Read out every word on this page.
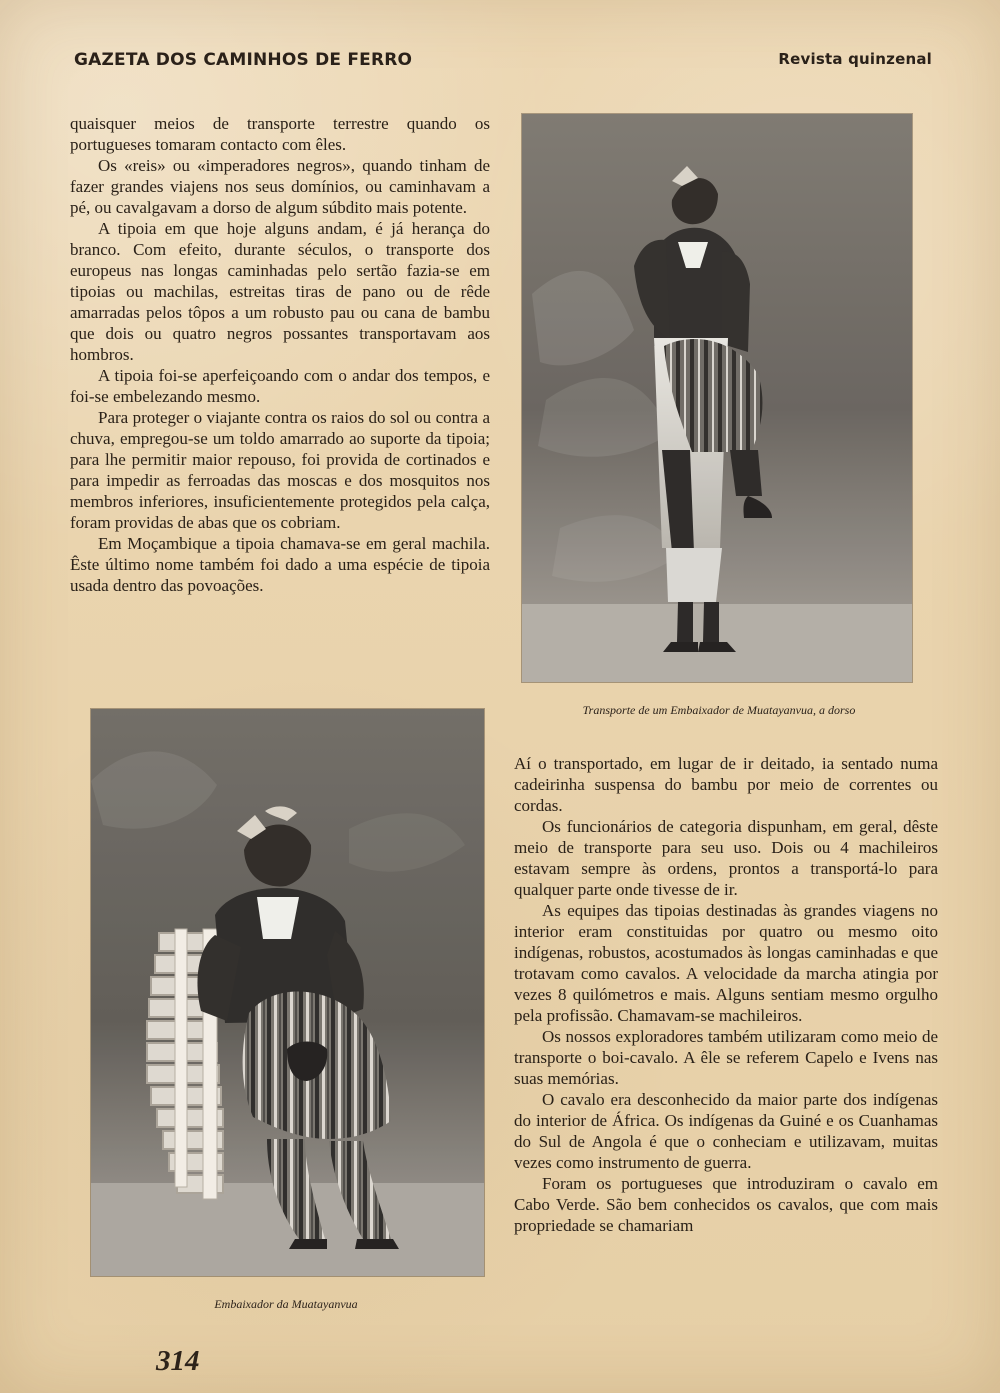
GAZETA DOS CAMINHOS DE FERRO	Revista quinzenal

quaisquer meios de transporte terrestre quando os portugueses tomaram contacto com êles.

Os «reis» ou «imperadores negros», quando tinham de fazer grandes viajens nos seus domínios, ou caminhavam a pé, ou cavalgavam a dorso de algum súbdito mais potente.

A tipoia em que hoje alguns andam, é já herança do branco. Com efeito, durante séculos, o transporte dos europeus nas longas caminhadas pelo sertão fazia-se em tipoias ou machilas, estreitas tiras de pano ou de rêde amarradas pelos tôpos a um robusto pau ou cana de bambu que dois ou quatro negros possantes transportavam aos hombros.

A tipoia foi-se aperfeiçoando com o andar dos tempos, e foi-se embelezando mesmo.

Para proteger o viajante contra os raios do sol ou contra a chuva, empregou-se um toldo amarrado ao suporte da tipoia; para lhe permitir maior repouso, foi provida de cortinados e para impedir as ferroadas das moscas e dos mosquitos nos membros inferiores, insuficientemente protegidos pela calça, foram providas de abas que os cobriam.

Em Moçambique a tipoia chamava-se em geral machila. Êste último nome também foi dado a uma espécie de tipoia usada dentro das povoações.

Transporte de um Embaixador de Muatayanvua, a dorso
Embaixador da Muatayanvua

Aí o transportado, em lugar de ir deitado, ia sentado numa cadeirinha suspensa do bambu por meio de correntes ou cordas.

Os funcionários de categoria dispunham, em geral, dêste meio de transporte para seu uso. Dois ou 4 machileiros estavam sempre às ordens, prontos a transportá-lo para qualquer parte onde tivesse de ir.

As equipes das tipoias destinadas às grandes viagens no interior eram constituidas por quatro ou mesmo oito indígenas, robustos, acostumados às longas caminhadas e que trotavam como cavalos. A velocidade da marcha atingia por vezes 8 quilómetros e mais. Alguns sentiam mesmo orgulho pela profissão. Chamavam-se machileiros.

Os nossos exploradores também utilizaram como meio de transporte o boi-cavalo. A êle se referem Capelo e Ivens nas suas memórias.

O cavalo era desconhecido da maior parte dos indígenas do interior de África. Os indígenas da Guiné e os Cuanhamas do Sul de Angola é que o conheciam e utilizavam, muitas vezes como instrumento de guerra.

Foram os portugueses que introduziram o cavalo em Cabo Verde. São bem conhecidos os cavalos, que com mais propriedade se chamariam

314
